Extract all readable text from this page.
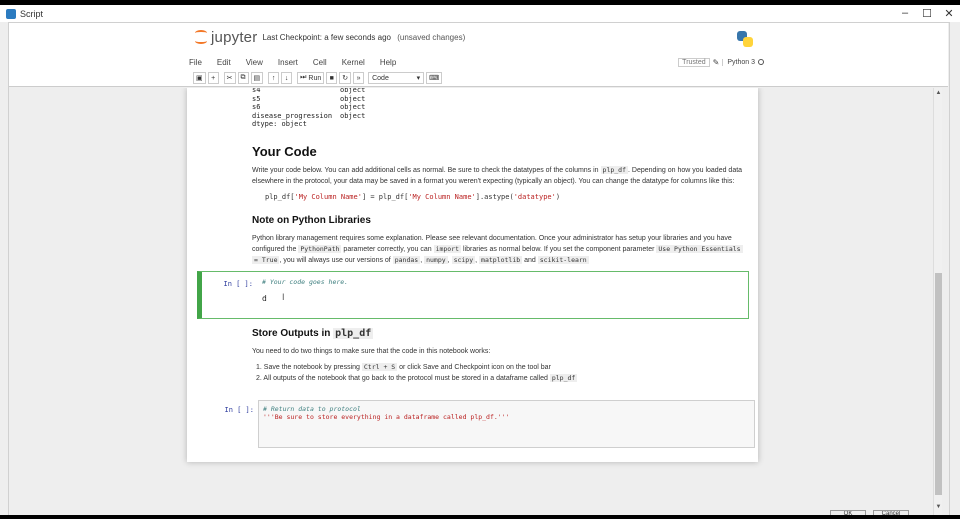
Script	–	☐	✕
jupyter Last Checkpoint: a few seconds ago (unsaved changes)
File Edit View Insert Cell Kernel Help	Trusted ✎	Python 3
▣	+	✂	⧉	▤	↑	↓	⏭
Run	■	↻	»	Code	▾	⌨
▲
▼
s4	object
s5	object
s6	object
disease_progression	object
dtype: object
Your Code
Write your code below. You can add additional cells as normal. Be sure to check the datatypes of the columns in plp_df . Depending on how you loaded data elsewhere in the protocol, your data may be saved in a format you weren't expecting (typically an object). You can change the datatype for columns like this:
plp_df['My Column Name'] = plp_df['My Column Name'].astype('datatype')
Note on Python Libraries
Python library management requires some explanation. Please see relevant documentation. Once your administrator has setup your libraries and you have configured the PythonPath parameter correctly, you can import libraries as normal below. If you set the component parameter Use Python Essentials = True , you will always use our versions of pandas , numpy , scipy , matplotlib and scikit-learn
In [ ]: # Your code goes here.
d	I
Store Outputs in plp_df
You need to do two things to make sure that the code in this notebook works:
1. Save the notebook by pressing Ctrl + S or click Save and Checkpoint icon on the tool bar
2. All outputs of the notebook that go back to the protocol must be stored in a dataframe called plp_df
In [ ]: # Return data to protocol
'''Be sure to store everything in a dataframe called plp_df.'''
OK	Cancel
